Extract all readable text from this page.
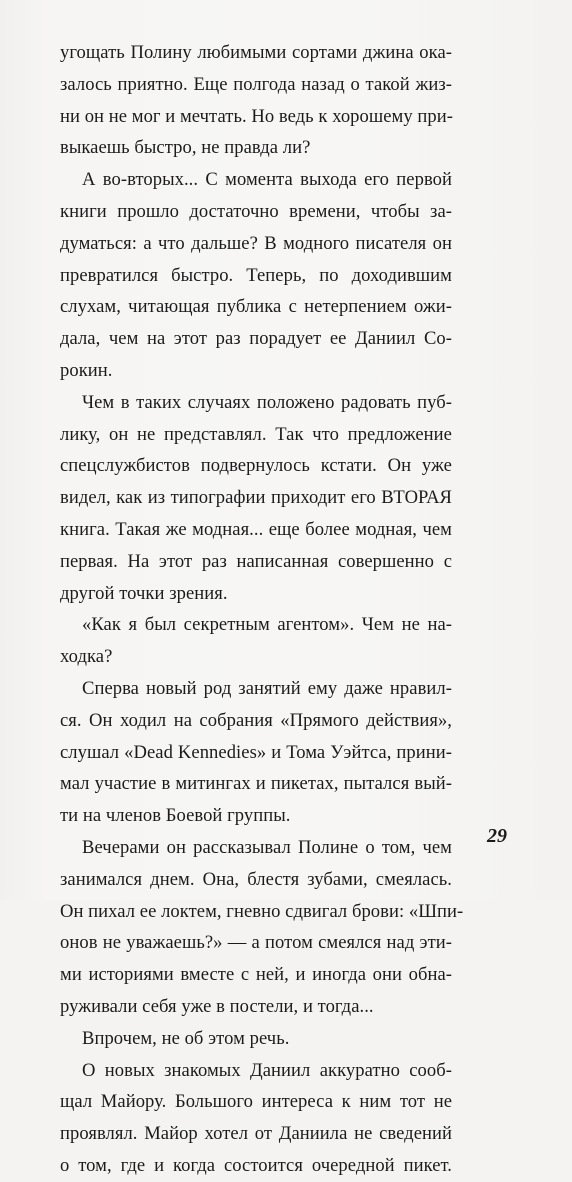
угощать Полину любимыми сортами джина ока-
залось приятно. Еще полгода назад о такой жиз-
ни он не мог и мечтать. Но ведь к хорошему при-
выкаешь быстро, не правда ли?
А во-вторых... С момента выхода его первой
книги прошло достаточно времени, чтобы за-
думаться: а что дальше? В модного писателя он
превратился быстро. Теперь, по доходившим
слухам, читающая публика с нетерпением ожи-
дала, чем на этот раз порадует ее Даниил Со-
рокин.
Чем в таких случаях положено радовать пуб-
лику, он не представлял. Так что предложение
спецслужбистов подвернулось кстати. Он уже
видел, как из типографии приходит его ВТОРАЯ
книга. Такая же модная... еще более модная, чем
первая. На этот раз написанная совершенно с
другой точки зрения.
«Как я был секретным агентом». Чем не на-
ходка?
Сперва новый род занятий ему даже нравил-
ся. Он ходил на собрания «Прямого действия»,
слушал «Dead Kennedies» и Тома Уэйтса, прини-
мал участие в митингах и пикетах, пытался вый-
ти на членов Боевой группы.
Вечерами он рассказывал Полине о том, чем
занимался днем. Она, блестя зубами, смеялась.
Он пихал ее локтем, гневно сдвигал брови: «Шпи-
онов не уважаешь?» — а потом смеялся над эти-
ми историями вместе с ней, и иногда они обна-
руживали себя уже в постели, и тогда...
Впрочем, не об этом речь.
О новых знакомых Даниил аккуратно сооб-
щал Майору. Большого интереса к ним тот не
проявлял. Майор хотел от Даниила не сведений
о том, где и когда состоится очередной пикет.
29
